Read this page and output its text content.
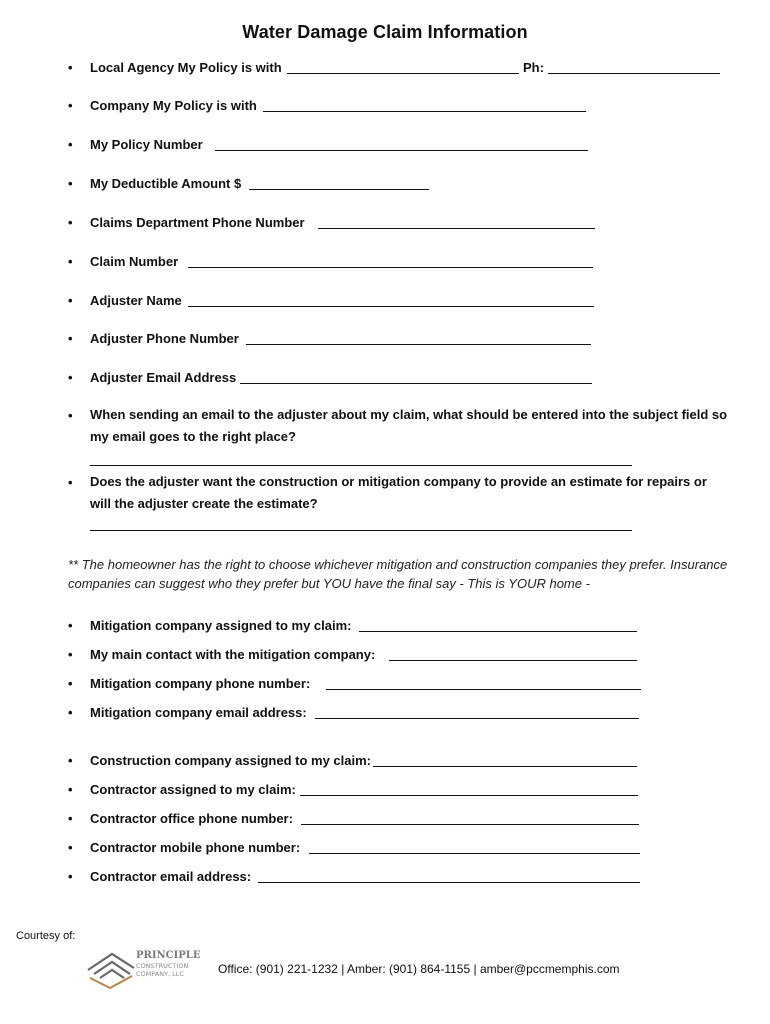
Water Damage Claim Information
•	Local Agency My Policy is with	Ph:
•	Company My Policy is with
•	My Policy Number
•	My Deductible Amount $
•	Claims Department Phone Number
•	Claim Number
•	Adjuster Name
•	Adjuster Phone Number
•	Adjuster Email Address
• When sending an email to the adjuster about my claim, what should be entered into the subject field so my email goes to the right place?
• Does the adjuster want the construction or mitigation company to provide an estimate for repairs or will the adjuster create the estimate?
** The homeowner has the right to choose whichever mitigation and construction companies they prefer. Insurance companies can suggest who they prefer but YOU have the final say - This is YOUR home -
•	Mitigation company assigned to my claim:
•	My main contact with the mitigation company:
•	Mitigation company phone number:
•	Mitigation company email address:
•	Construction company assigned to my claim:
•	Contractor assigned to my claim:
•	Contractor office phone number:
•	Contractor mobile phone number:
•	Contractor email address:
Courtesy of:
PRINCIPLE
CONSTRUCTION
COMPANY, LLC	Office: (901) 221-1232 | Amber: (901) 864-1155 | amber@pccmemphis.com
